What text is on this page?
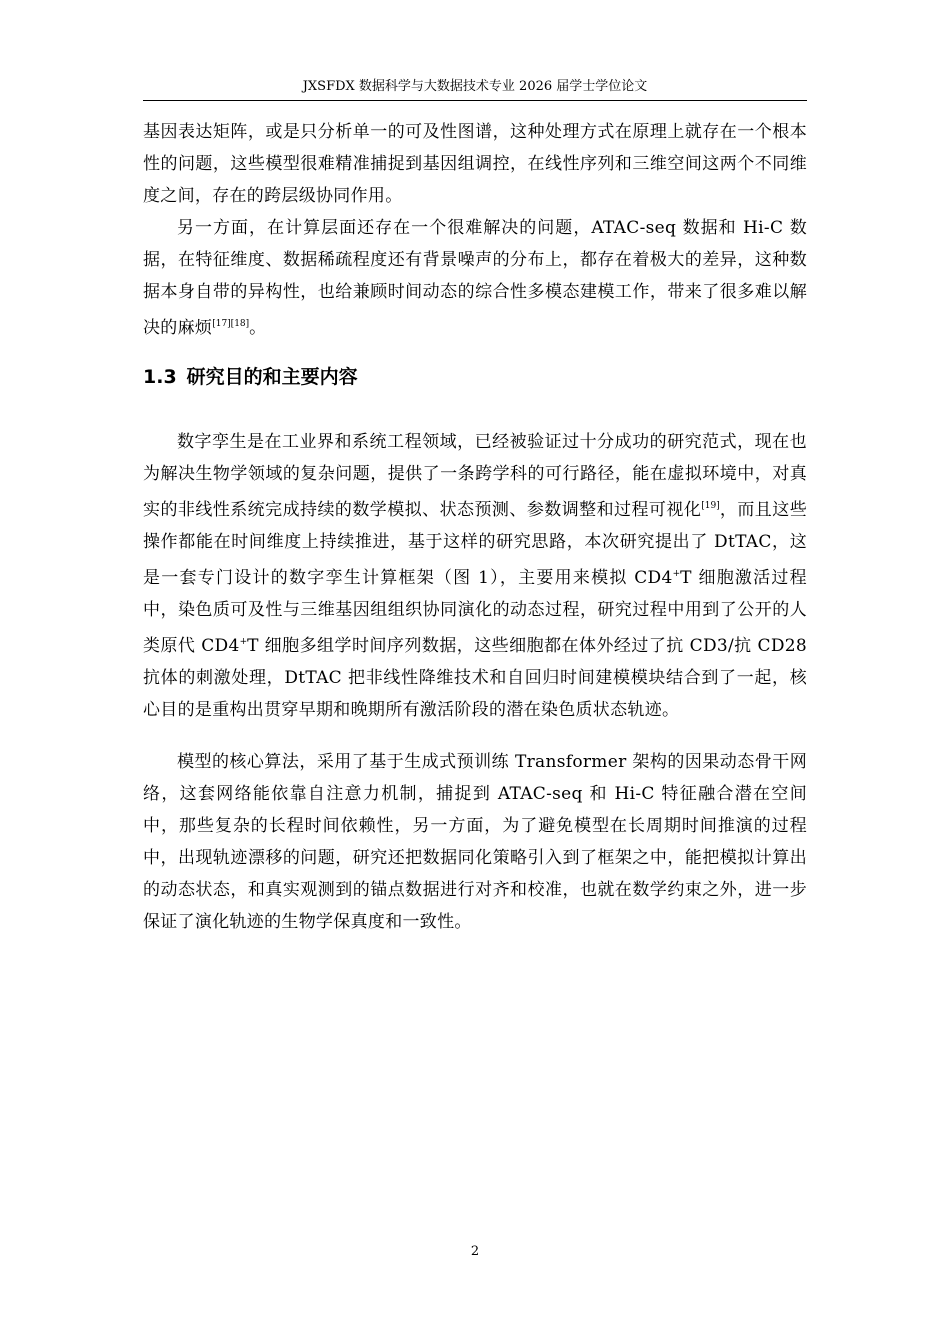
JXSFDX 数据科学与大数据技术专业 2026 届学士学位论文

基因表达矩阵，或是只分析单一的可及性图谱，这种处理方式在原理上就存在一个根本性的问题，这些模型很难精准捕捉到基因组调控，在线性序列和三维空间这两个不同维度之间，存在的跨层级协同作用。

另一方面，在计算层面还存在一个很难解决的问题，ATAC-seq 数据和 Hi-C 数据，在特征维度、数据稀疏程度还有背景噪声的分布上，都存在着极大的差异，这种数据本身自带的异构性，也给兼顾时间动态的综合性多模态建模工作，带来了很多难以解决的麻烦[17][18]。

1.3 研究目的和主要内容

数字孪生是在工业界和系统工程领域，已经被验证过十分成功的研究范式，现在也为解决生物学领域的复杂问题，提供了一条跨学科的可行路径，能在虚拟环境中，对真实的非线性系统完成持续的数学模拟、状态预测、参数调整和过程可视化[19]，而且这些操作都能在时间维度上持续推进，基于这样的研究思路，本次研究提出了 DtTAC，这是一套专门设计的数字孪生计算框架（图 1），主要用来模拟 CD4+T 细胞激活过程中，染色质可及性与三维基因组组织协同演化的动态过程，研究过程中用到了公开的人类原代 CD4+T 细胞多组学时间序列数据，这些细胞都在体外经过了抗 CD3/抗 CD28 抗体的刺激处理，DtTAC 把非线性降维技术和自回归时间建模模块结合到了一起，核心目的是重构出贯穿早期和晚期所有激活阶段的潜在染色质状态轨迹。

模型的核心算法，采用了基于生成式预训练 Transformer 架构的因果动态骨干网络，这套网络能依靠自注意力机制，捕捉到 ATAC-seq 和 Hi-C 特征融合潜在空间中，那些复杂的长程时间依赖性，另一方面，为了避免模型在长周期时间推演的过程中，出现轨迹漂移的问题，研究还把数据同化策略引入到了框架之中，能把模拟计算出的动态状态，和真实观测到的锚点数据进行对齐和校准，也就在数学约束之外，进一步保证了演化轨迹的生物学保真度和一致性。

2
